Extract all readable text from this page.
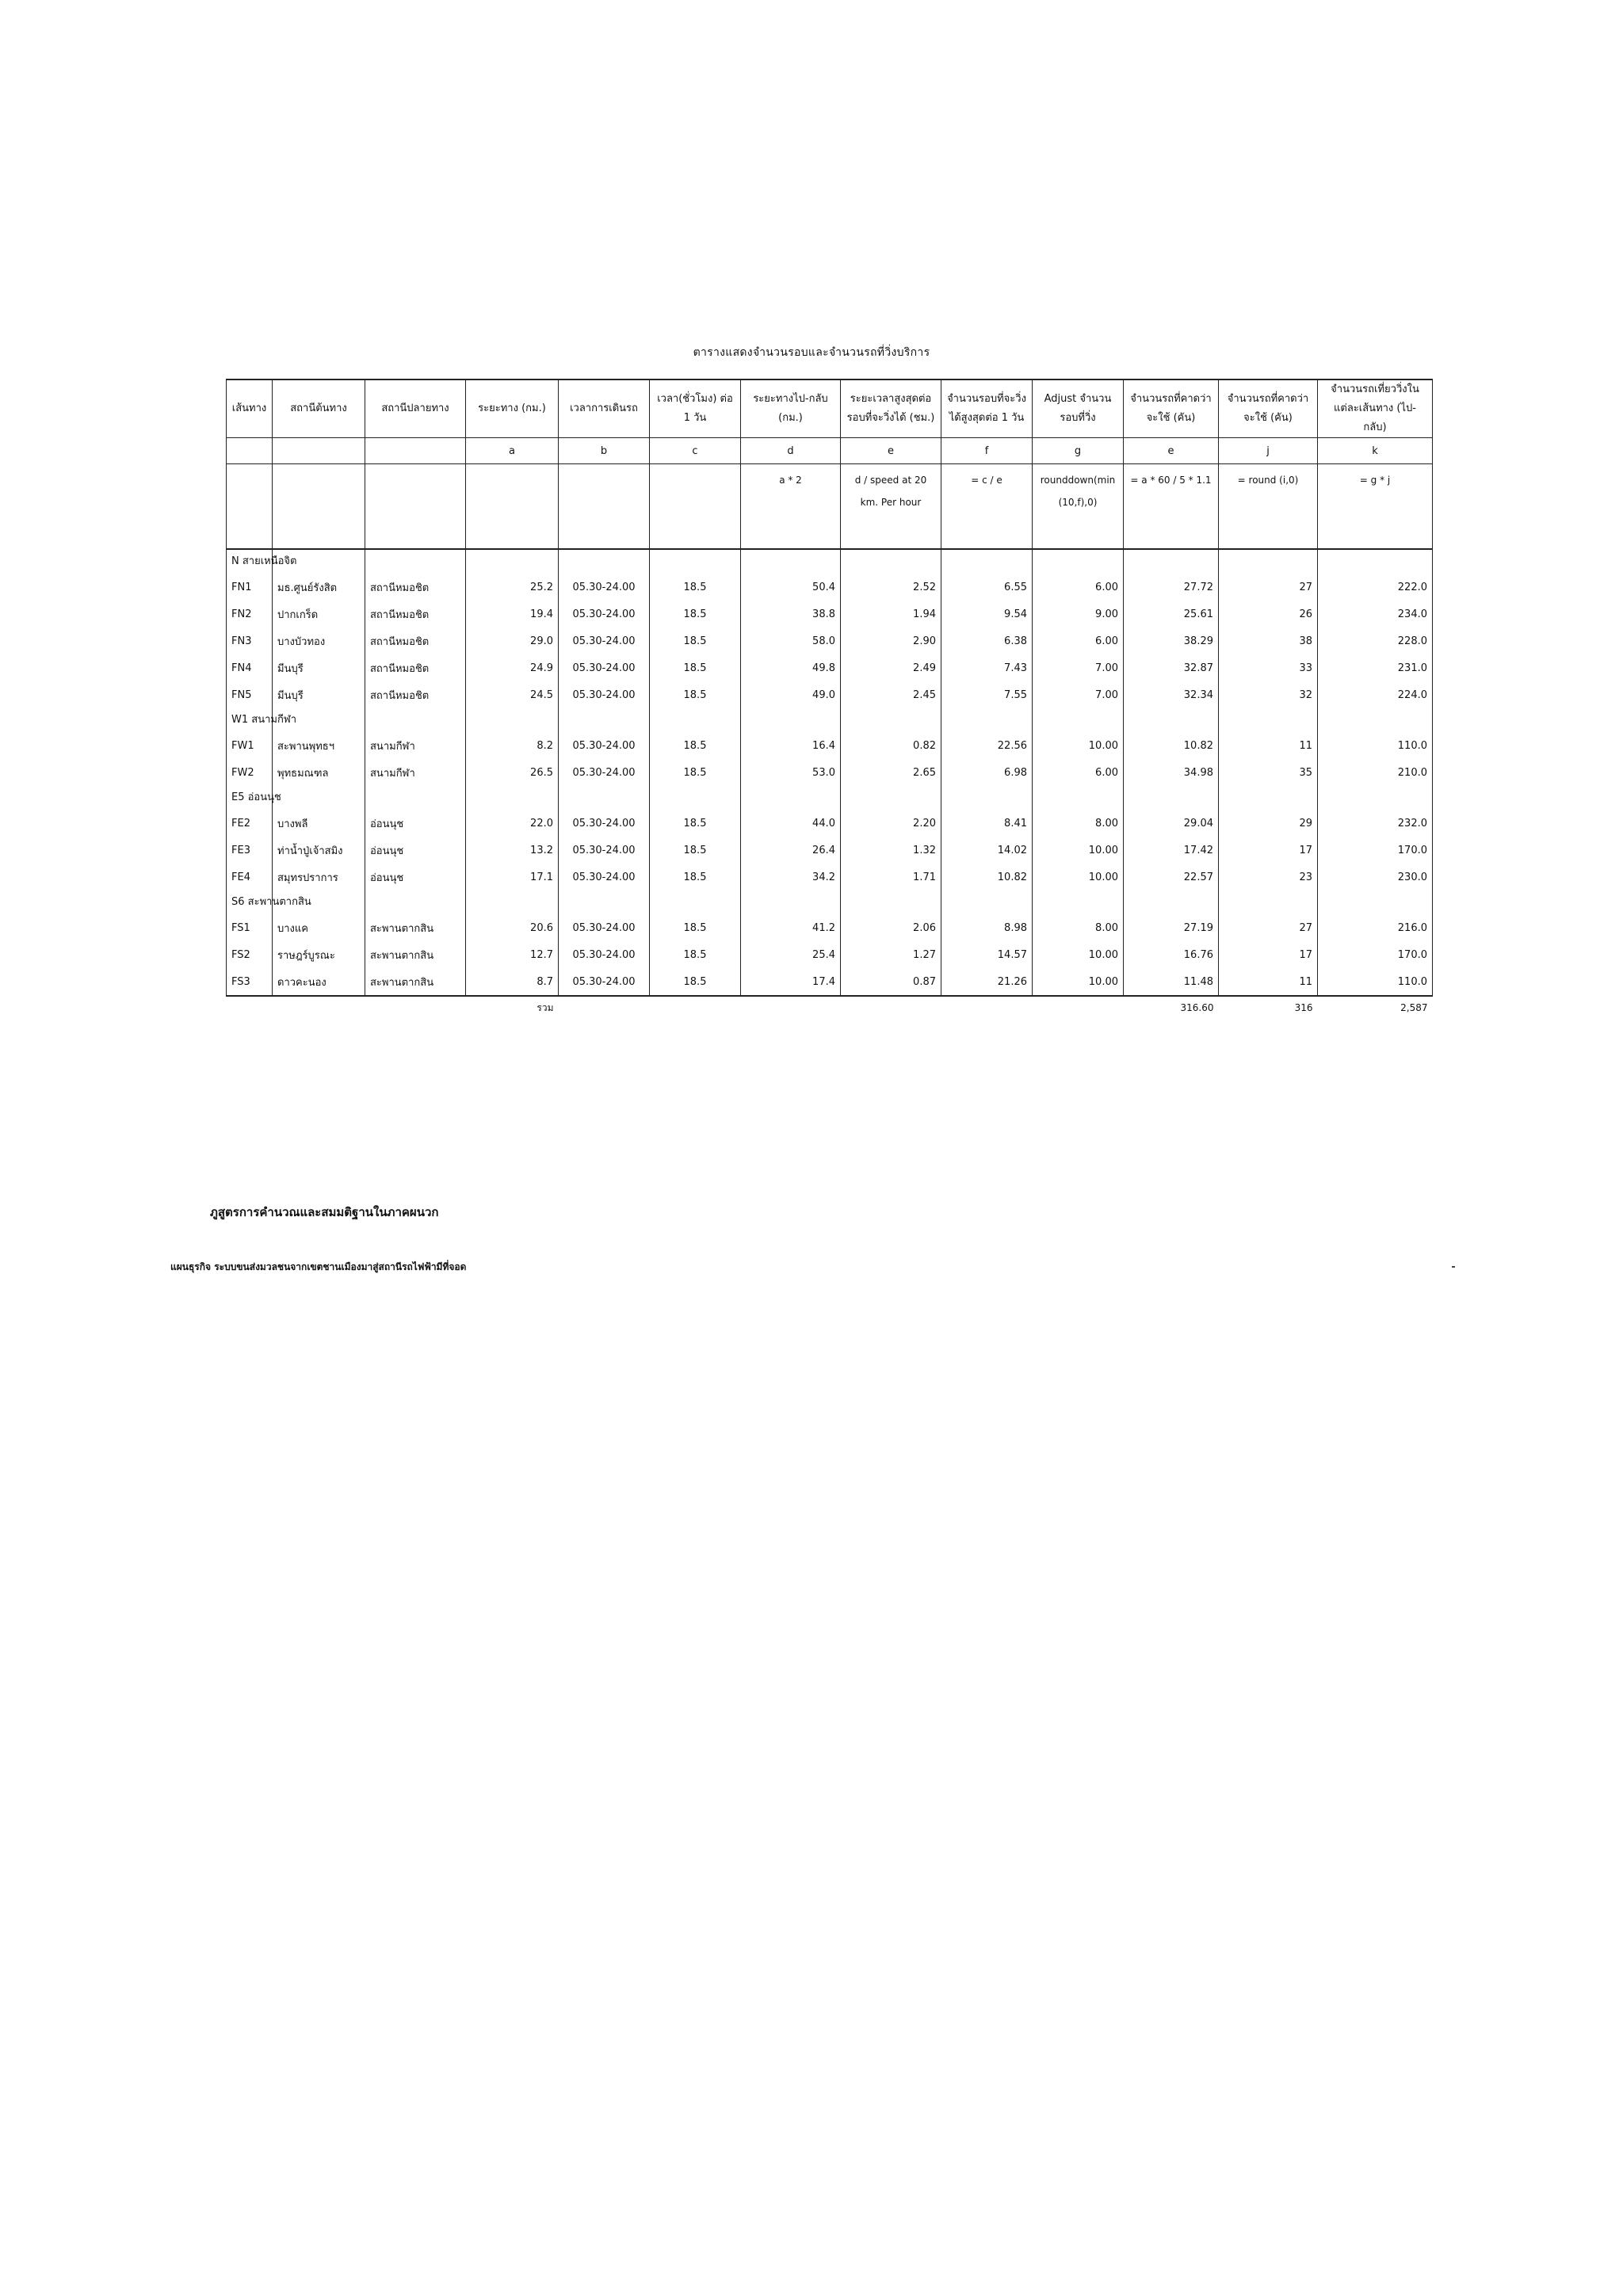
ตารางแสดงจำนวนรอบและจำนวนรถที่วิ่งบริการ
เส้นทาง	สถานีต้นทาง	สถานีปลายทาง	ระยะทาง (กม.)	เวลาการเดินรถ	เวลา(ชั่วโมง) ต่อ 1 วัน	ระยะทางไป-กลับ (กม.)	ระยะเวลาสูงสุดต่อรอบที่จะวิ่งได้ (ชม.)	จำนวนรอบที่จะวิ่งได้สูงสุดต่อ 1 วัน	Adjust จำนวนรอบที่วิ่ง	จำนวนรถที่คาดว่าจะใช้ (คัน)	จำนวนรถที่คาดว่าจะใช้ (คัน)	จำนวนรถเที่ยววิ่งในแต่ละเส้นทาง (ไป-กลับ)
			a	b	c	d	e	f	g	e	j	k
						a * 2	d / speed at 20 km. Per hour	= c / e	rounddown(min (10,f),0)	= a * 60 / 5 * 1.1	= round (i,0)	= g * j
N สายเหนือจิต												
FN1	มธ.ศูนย์รังสิต	สถานีหมอชิต	25.2	05.30-24.00	18.5	50.4	2.52	6.55	6.00	27.72	27	222.0
FN2	ปากเกร็ด	สถานีหมอชิต	19.4	05.30-24.00	18.5	38.8	1.94	9.54	9.00	25.61	26	234.0
FN3	บางบัวทอง	สถานีหมอชิต	29.0	05.30-24.00	18.5	58.0	2.90	6.38	6.00	38.29	38	228.0
FN4	มีนบุรี	สถานีหมอชิต	24.9	05.30-24.00	18.5	49.8	2.49	7.43	7.00	32.87	33	231.0
FN5	มีนบุรี	สถานีหมอชิต	24.5	05.30-24.00	18.5	49.0	2.45	7.55	7.00	32.34	32	224.0
W1 สนามกีฬา												
FW1	สะพานพุทธฯ	สนามกีฬา	8.2	05.30-24.00	18.5	16.4	0.82	22.56	10.00	10.82	11	110.0
FW2	พุทธมณฑล	สนามกีฬา	26.5	05.30-24.00	18.5	53.0	2.65	6.98	6.00	34.98	35	210.0
E5 อ่อนนุช												
FE2	บางพลี	อ่อนนุช	22.0	05.30-24.00	18.5	44.0	2.20	8.41	8.00	29.04	29	232.0
FE3	ท่าน้ำปู่เจ้าสมิง	อ่อนนุช	13.2	05.30-24.00	18.5	26.4	1.32	14.02	10.00	17.42	17	170.0
FE4	สมุทรปราการ	อ่อนนุช	17.1	05.30-24.00	18.5	34.2	1.71	10.82	10.00	22.57	23	230.0
S6 สะพานตากสิน												
FS1	บางแค	สะพานตากสิน	20.6	05.30-24.00	18.5	41.2	2.06	8.98	8.00	27.19	27	216.0
FS2	ราษฎร์บูรณะ	สะพานตากสิน	12.7	05.30-24.00	18.5	25.4	1.27	14.57	10.00	16.76	17	170.0
FS3	ดาวคะนอง	สะพานตากสิน	8.7	05.30-24.00	18.5	17.4	0.87	21.26	10.00	11.48	11	110.0
รวม										316.60	316	2,587
ภูสูตรการคำนวณและสมมติฐานในภาคผนวก
แผนธุรกิจ ระบบขนส่งมวลชนจากเขตชานเมืองมาสู่สถานีรถไฟฟ้ามีที่จอด
